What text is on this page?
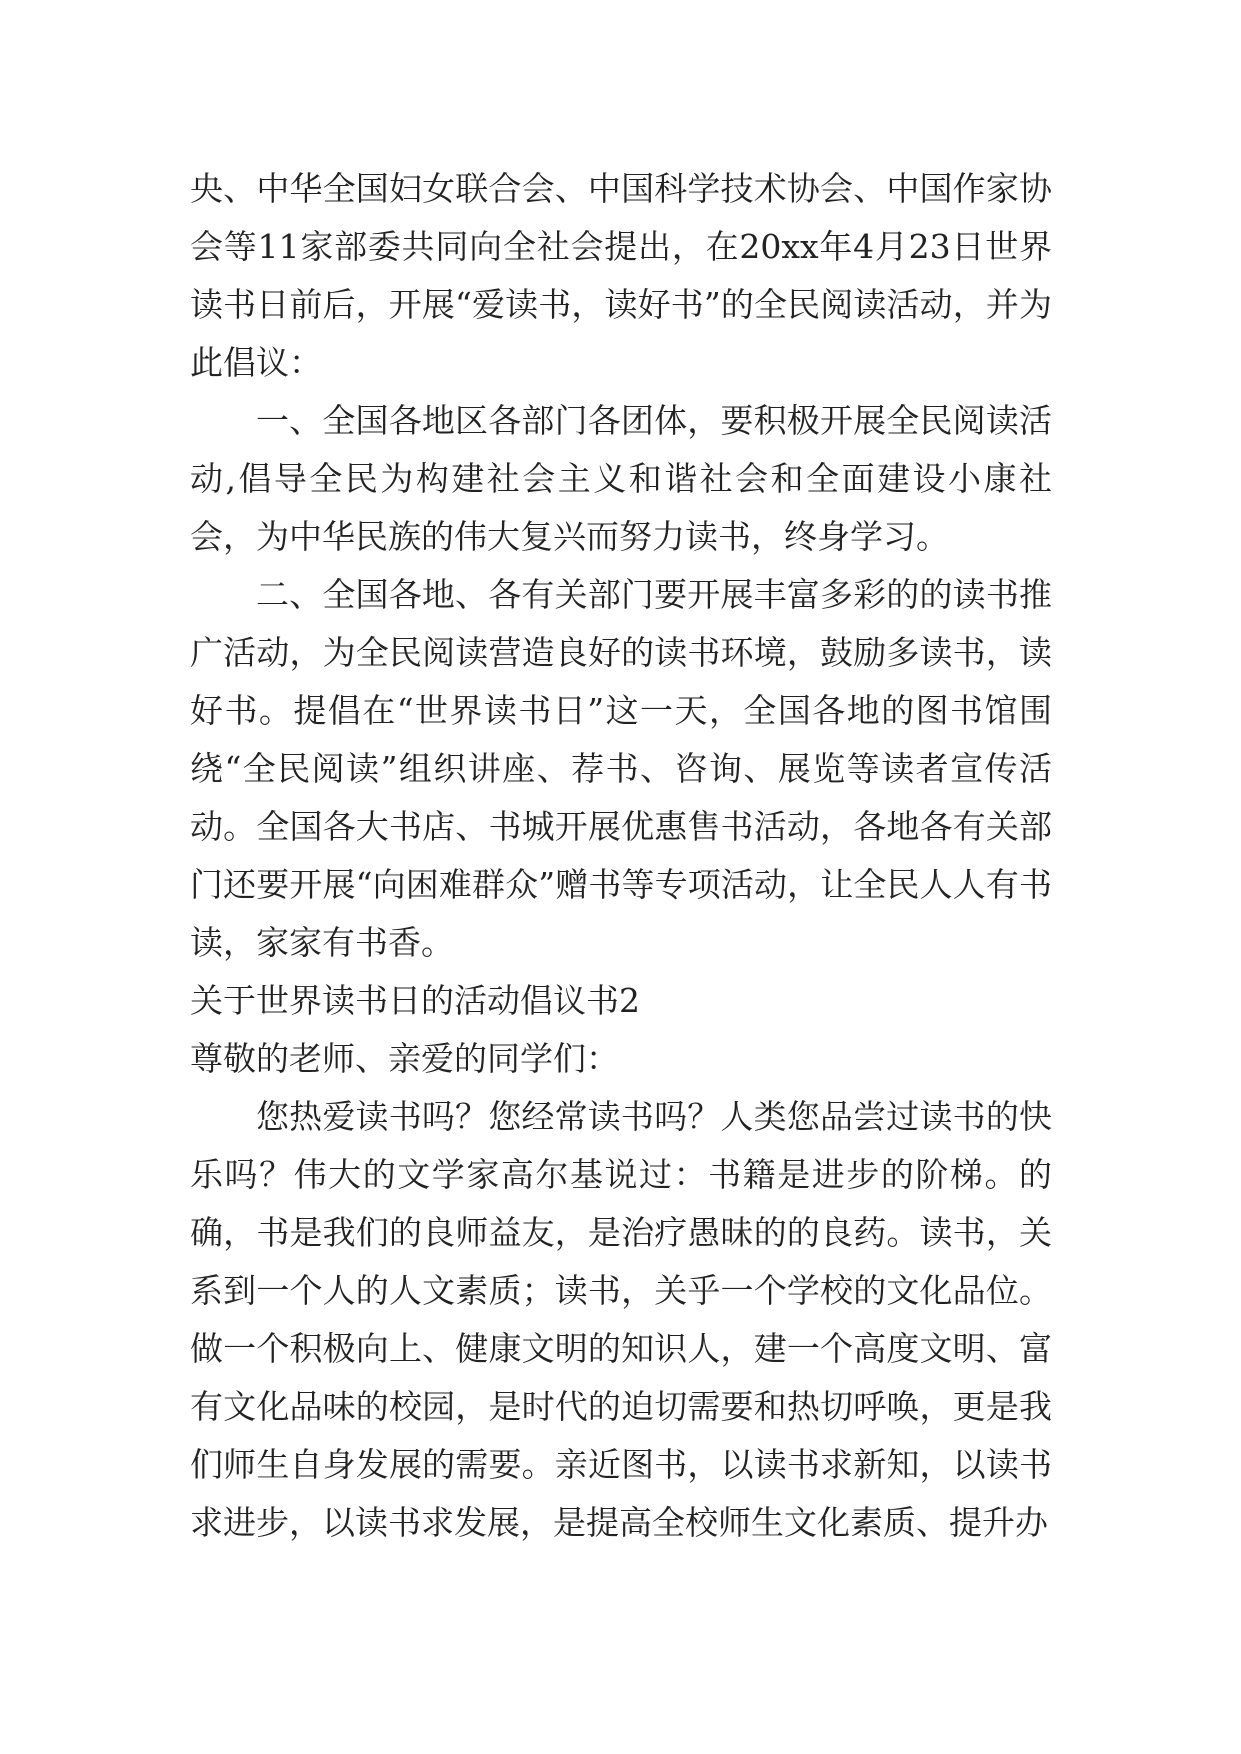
央、中华全国妇女联合会、中国科学技术协会、中国作家协会等11家部委共同向全社会提出，在20xx年4月23日世界读书日前后，开展“爱读书，读好书”的全民阅读活动，并为此倡议：

一、全国各地区各部门各团体，要积极开展全民阅读活动,倡导全民为构建社会主义和谐社会和全面建设小康社会，为中华民族的伟大复兴而努力读书，终身学习。

二、全国各地、各有关部门要开展丰富多彩的的读书推广活动，为全民阅读营造良好的读书环境，鼓励多读书，读好书。提倡在“世界读书日”这一天，全国各地的图书馆围绕“全民阅读”组织讲座、荐书、咨询、展览等读者宣传活动。全国各大书店、书城开展优惠售书活动，各地各有关部门还要开展“向困难群众”赠书等专项活动，让全民人人有书读，家家有书香。

关于世界读书日的活动倡议书2

尊敬的老师、亲爱的同学们：

您热爱读书吗？您经常读书吗？人类您品尝过读书的快乐吗？伟大的文学家高尔基说过：书籍是进步的阶梯。的确，书是我们的良师益友，是治疗愚昧的的良药。读书，关系到一个人的人文素质；读书，关乎一个学校的文化品位。做一个积极向上、健康文明的知识人，建一个高度文明、富有文化品味的校园，是时代的迫切需要和热切呼唤，更是我们师生自身发展的需要。亲近图书，以读书求新知，以读书求进步，以读书求发展，是提高全校师生文化素质、提升办
